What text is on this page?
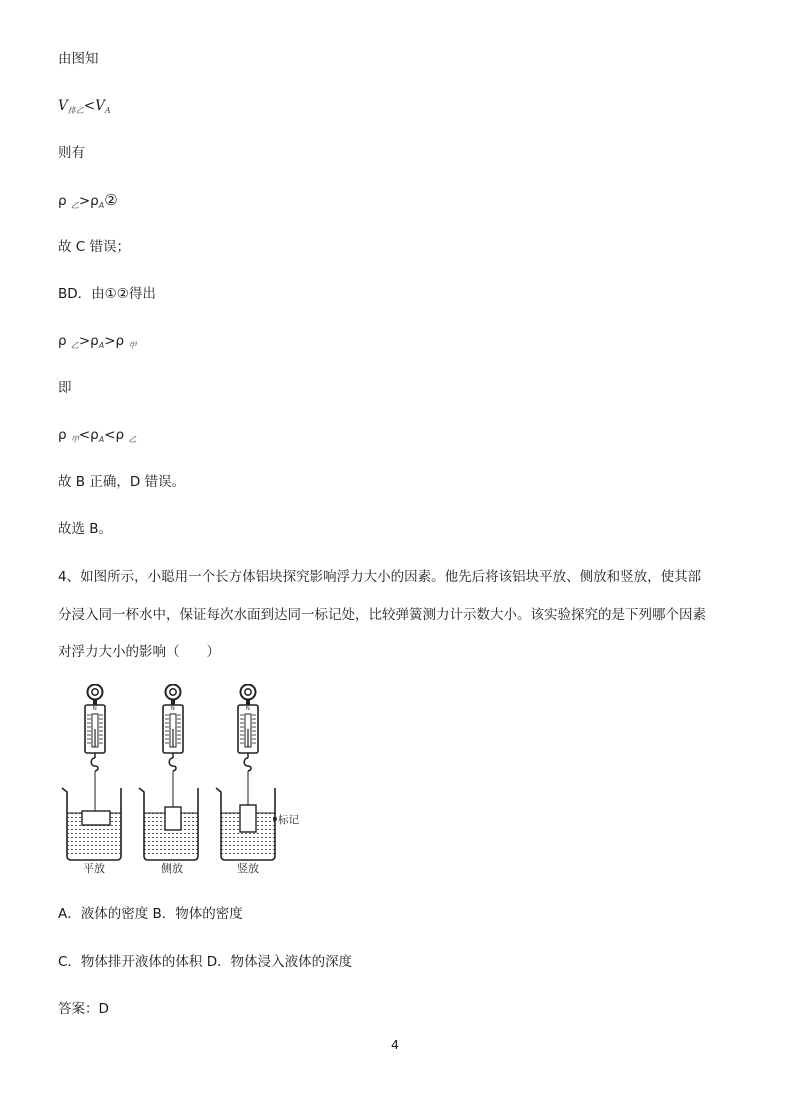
由图知
$V_{排乙}<V_A$
则有
ρ $_乙>\rho_A②$
故 C 错误；
BD．由①②得出
ρ $_乙>\rho_A>\rho$ $_甲$
即
ρ $_甲<\rho_A<\rho$ $_乙$
故 B 正确，D 错误。
故选 B。
4、如图所示，小聪用一个长方体铝块探究影响浮力大小的因素。他先后将该铝块平放、侧放和竖放，使其部
分浸入同一杯水中，保证每次水面到达同一标记处，比较弹簧测力计示数大小。该实验探究的是下列哪个因素
对浮力大小的影响（　　）
平放
N
侧放
N
标记
竖放
N
A．液体的密度 B．物体的密度
C．物体排开液体的体积 D．物体浸入液体的深度
答案：D
4
